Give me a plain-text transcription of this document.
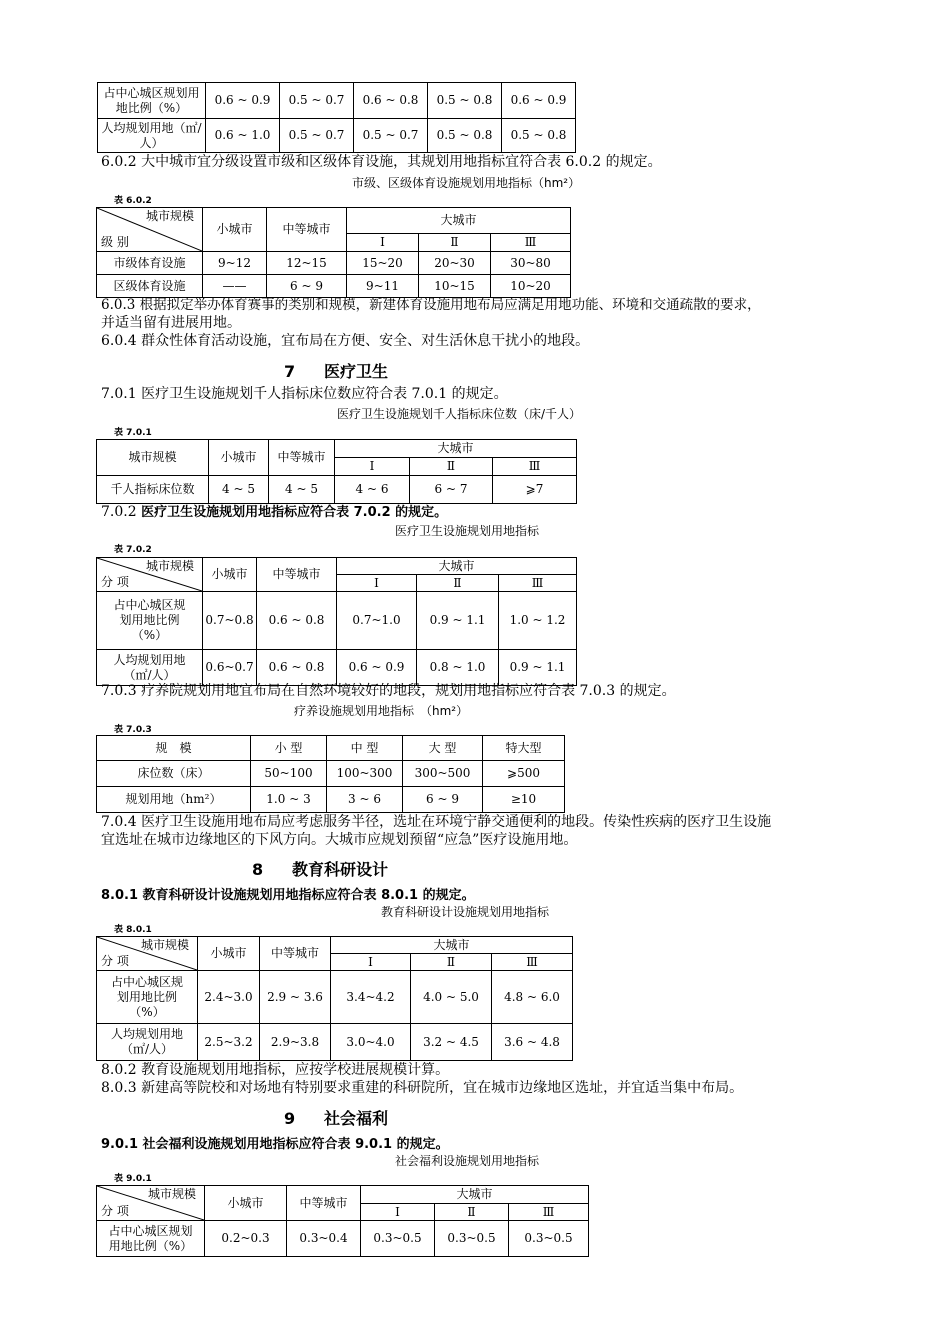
占中心城区规划用地比例（%）	0.6 ~ 0.9	0.5 ~ 0.7	0.6 ~ 0.8	0.5 ~ 0.8	0.6 ~ 0.9
人均规划用地（㎡/人）	0.6 ~ 1.0	0.5 ~ 0.7	0.5 ~ 0.7	0.5 ~ 0.8	0.5 ~ 0.8
6.0.2 大中城市宜分级设置市级和区级体育设施，其规划用地指标宜符合表 6.0.2 的规定。
市级、区级体育设施规划用地指标（hm²）
表 6.0.2
城市规模
级 别	小城市	中等城市	大城市		
			Ⅰ	Ⅱ	Ⅲ
市级体育设施	9~12	12~15	15~20	20~30	30~80
区级体育设施	——	6 ~ 9	9~11	10~15	10~20
6.0.3 根据拟定举办体育赛事的类别和规模，新建体育设施用地布局应满足用地功能、环境和交通疏散的要求，
并适当留有进展用地。
6.0.4 群众性体育活动设施，宜布局在方便、安全、对生活休息干扰小的地段。
7 医疗卫生
7.0.1 医疗卫生设施规划千人指标床位数应符合表 7.0.1 的规定。
医疗卫生设施规划千人指标床位数（床/千人）
表 7.0.1
城市规模	小城市	中等城市	大城市		
			Ⅰ	Ⅱ	Ⅲ
千人指标床位数	4 ~ 5	4 ~ 5	4 ~ 6	6 ~ 7	⩾7
7.0.2 医疗卫生设施规划用地指标应符合表 7.0.2 的规定。
医疗卫生设施规划用地指标
表 7.0.2
城市规模
分 项	小城市	中等城市	大城市		
			Ⅰ	Ⅱ	Ⅲ

占中心城区规
划用地比例
（%）	0.7~0.8	0.6 ~ 0.8	0.7~1.0	0.9 ~ 1.1	1.0 ~ 1.2

人均规划用地
（㎡/人）	0.6~0.7	0.6 ~ 0.8	0.6 ~ 0.9	0.8 ~ 1.0	0.9 ~ 1.1
7.0.3 疗养院规划用地宜布局在自然环境较好的地段，规划用地指标应符合表 7.0.3 的规定。
疗养设施规划用地指标　（hm²）
表 7.0.3
规　模	小 型	中 型	大 型	特大型
床位数（床）	50~100	100~300	300~500	⩾500
规划用地（hm²）	1.0 ~ 3	3 ~ 6	6 ~ 9	≥10
7.0.4 医疗卫生设施用地布局应考虑服务半径，选址在环境宁静交通便利的地段。传染性疾病的医疗卫生设施
宜选址在城市边缘地区的下风方向。大城市应规划预留“应急”医疗设施用地。
8 教育科研设计
8.0.1 教育科研设计设施规划用地指标应符合表 8.0.1 的规定。
教育科研设计设施规划用地指标
表 8.0.1
城市规模
分 项	小城市	中等城市	大城市		
			Ⅰ	Ⅱ	Ⅲ

占中心城区规
划用地比例
（%）	2.4~3.0	2.9 ~ 3.6	3.4~4.2	4.0 ~ 5.0	4.8 ~ 6.0

人均规划用地
（㎡/人）	2.5~3.2	2.9~3.8	3.0~4.0	3.2 ~ 4.5	3.6 ~ 4.8
8.0.2 教育设施规划用地指标，应按学校进展规模计算。
8.0.3 新建高等院校和对场地有特别要求重建的科研院所，宜在城市边缘地区选址，并宜适当集中布局。
9 社会福利
9.0.1 社会福利设施规划用地指标应符合表 9.0.1 的规定。
社会福利设施规划用地指标
表 9.0.1
城市规模
分 项	小城市	中等城市	大城市		
			Ⅰ	Ⅱ	Ⅲ

占中心城区规划
用地比例（%）	0.2~0.3	0.3~0.4	0.3~0.5	0.3~0.5	0.3~0.5
